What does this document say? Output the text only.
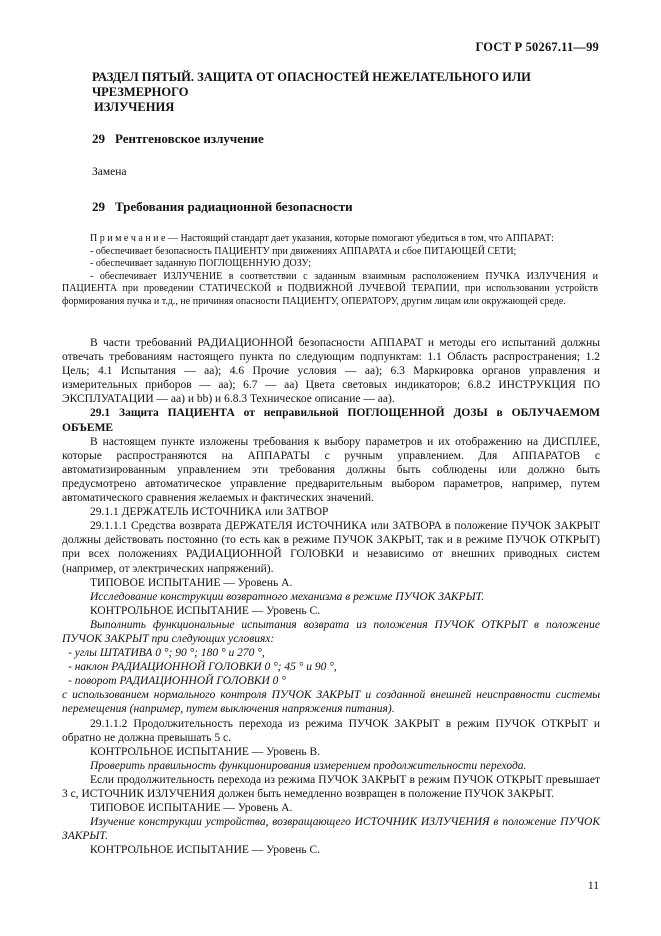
ГОСТ Р 50267.11—99
РАЗДЕЛ ПЯТЫЙ. ЗАЩИТА ОТ ОПАСНОСТЕЙ НЕЖЕЛАТЕЛЬНОГО ИЛИ ЧРЕЗМЕРНОГО
ИЗЛУЧЕНИЯ
29 Рентгеновское излучение
Замена
29 Требования радиационной безопасности

П р и м е ч а н и е — Настоящий стандарт дает указания, которые помогают убедиться в том, что АППАРАТ:

- обеспечивает безопасность ПАЦИЕНТУ при движениях АППАРАТА и сбое ПИТАЮЩЕЙ СЕТИ;

- обеспечивает заданную ПОГЛОЩЕННУЮ ДОЗУ;

- обеспечивает ИЗЛУЧЕНИЕ в соответствии с заданным взаимным расположением ПУЧКА ИЗЛУЧЕНИЯ и ПАЦИЕНТА при проведении СТАТИЧЕСКОЙ и ПОДВИЖНОЙ ЛУЧЕВОЙ ТЕРАПИИ, при использовании устройств формирования пучка и т.д., не причиняя опасности ПАЦИЕНТУ, ОПЕРАТОРУ, другим лицам или окружающей среде.

В части требований РАДИАЦИОННОЙ безопасности АППАРАТ и методы его испытаний должны отвечать требованиям настоящего пункта по следующим подпунктам: 1.1 Область распространения; 1.2 Цель; 4.1 Испытания — аа); 4.6 Прочие условия — аа); 6.3 Маркировка органов управления и измерительных приборов — аа); 6.7 — аа) Цвета световых индикаторов; 6.8.2 ИНСТРУКЦИЯ ПО ЭКСПЛУАТАЦИИ — аа) и bb) и 6.8.3 Техническое описание — аа).

29.1 Защита ПАЦИЕНТА от неправильной ПОГЛОЩЕННОЙ ДОЗЫ в ОБЛУЧАЕМОМ ОБЪЕМЕ

В настоящем пункте изложены требования к выбору параметров и их отображению на ДИСПЛЕЕ, которые распространяются на АППАРАТЫ с ручным управлением. Для АППАРАТОВ с автоматизированным управлением эти требования должны быть соблюдены или должно быть предусмотрено автоматическое управление предварительным выбором параметров, например, путем автоматического сравнения желаемых и фактических значений.

29.1.1 ДЕРЖАТЕЛЬ ИСТОЧНИКА или ЗАТВОР

29.1.1.1 Средства возврата ДЕРЖАТЕЛЯ ИСТОЧНИКА или ЗАТВОРА в положение ПУЧОК ЗАКРЫТ должны действовать постоянно (то есть как в режиме ПУЧОК ЗАКРЫТ, так и в режиме ПУЧОК ОТКРЫТ) при всех положениях РАДИАЦИОННОЙ ГОЛОВКИ и независимо от внешних приводных систем (например, от электрических напряжений).

ТИПОВОЕ ИСПЫТАНИЕ — Уровень А.

Исследование конструкции возвратного механизма в режиме ПУЧОК ЗАКРЫТ.

КОНТРОЛЬНОЕ ИСПЫТАНИЕ — Уровень С.

Выполнить функциональные испытания возврата из положения ПУЧОК ОТКРЫТ в положение ПУЧОК ЗАКРЫТ при следующих условиях:

- углы ШТАТИВА 0 °; 90 °; 180 ° и 270 °,

- наклон РАДИАЦИОННОЙ ГОЛОВКИ 0 °; 45 ° и 90 °,

- поворот РАДИАЦИОННОЙ ГОЛОВКИ 0 °

с использованием нормального контроля ПУЧОК ЗАКРЫТ и созданной внешней неисправности системы перемещения (например, путем выключения напряжения питания).

29.1.1.2 Продолжительность перехода из режима ПУЧОК ЗАКРЫТ в режим ПУЧОК ОТКРЫТ и обратно не должна превышать 5 с.

КОНТРОЛЬНОЕ ИСПЫТАНИЕ — Уровень В.

Проверить правильность функционирования измерением продолжительности перехода.

Если продолжительность перехода из режима ПУЧОК ЗАКРЫТ в режим ПУЧОК ОТКРЫТ превышает 3 с, ИСТОЧНИК ИЗЛУЧЕНИЯ должен быть немедленно возвращен в положение ПУЧОК ЗАКРЫТ.

ТИПОВОЕ ИСПЫТАНИЕ — Уровень А.

Изучение конструкции устройства, возвращающего ИСТОЧНИК ИЗЛУЧЕНИЯ в положение ПУЧОК ЗАКРЫТ.

КОНТРОЛЬНОЕ ИСПЫТАНИЕ — Уровень С.

11
